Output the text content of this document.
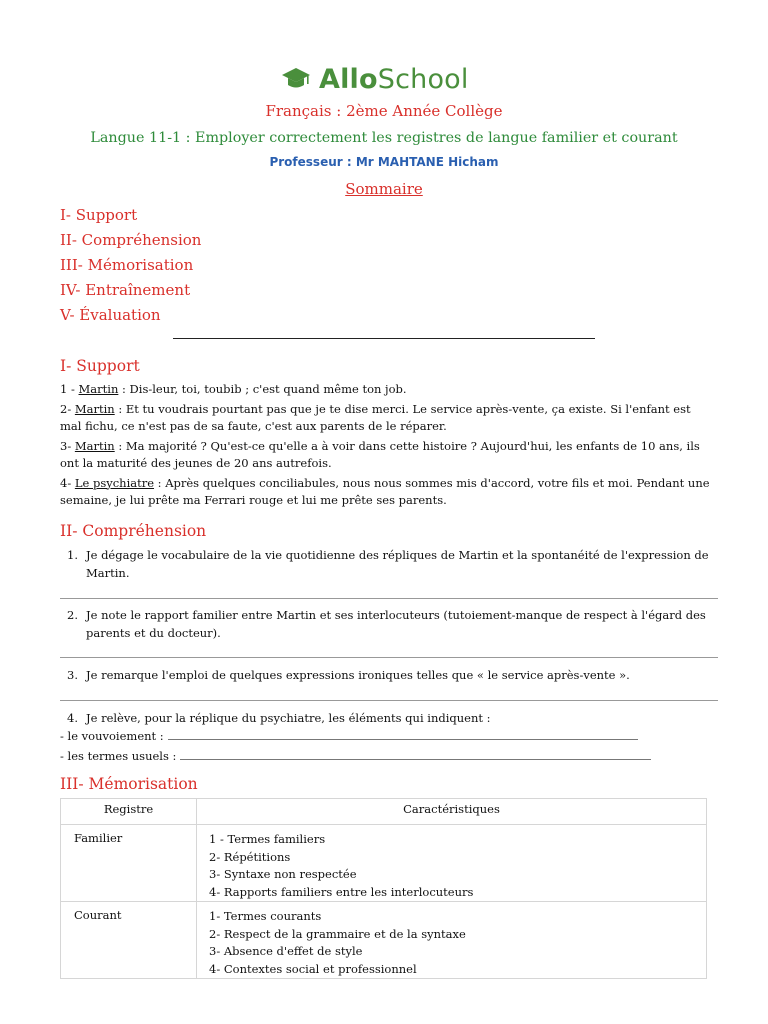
AlloSchool
Français : 2ème Année Collège
Langue 11-1 : Employer correctement les registres de langue familier et courant
Professeur : Mr MAHTANE Hicham
Sommaire
I- Support
II- Compréhension
III- Mémorisation
IV- Entraînement
V- Évaluation
I- Support

1 - Martin : Dis-leur, toi, toubib ; c'est quand même ton job.

2- Martin : Et tu voudrais pourtant pas que je te dise merci. Le service après-vente, ça existe. Si l'enfant est mal fichu, ce n'est pas de sa faute, c'est aux parents de le réparer.

3- Martin : Ma majorité ? Qu'est-ce qu'elle a à voir dans cette histoire ? Aujourd'hui, les enfants de 10 ans, ils ont la maturité des jeunes de 20 ans autrefois.

4- Le psychiatre : Après quelques conciliabules, nous nous sommes mis d'accord, votre fils et moi. Pendant une semaine, je lui prête ma Ferrari rouge et lui me prête ses parents.

II- Compréhension
1. Je dégage le vocabulaire de la vie quotidienne des répliques de Martin et la spontanéité de l'expression de Martin.
2. Je note le rapport familier entre Martin et ses interlocuteurs (tutoiement-manque de respect à l'égard des parents et du docteur).
3. Je remarque l'emploi de quelques expressions ironiques telles que « le service après-vente ».
4. Je relève, pour la réplique du psychiatre, les éléments qui indiquent :
- le vouvoiement :
- les termes usuels :
III- Mémorisation
Registre	Caractéristiques
Familier	1 - Termes familiers
2- Répétitions
3- Syntaxe non respectée
4- Rapports familiers entre les interlocuteurs

Courant	1- Termes courants
2- Respect de la grammaire et de la syntaxe
3- Absence d'effet de style
4- Contextes social et professionnel
